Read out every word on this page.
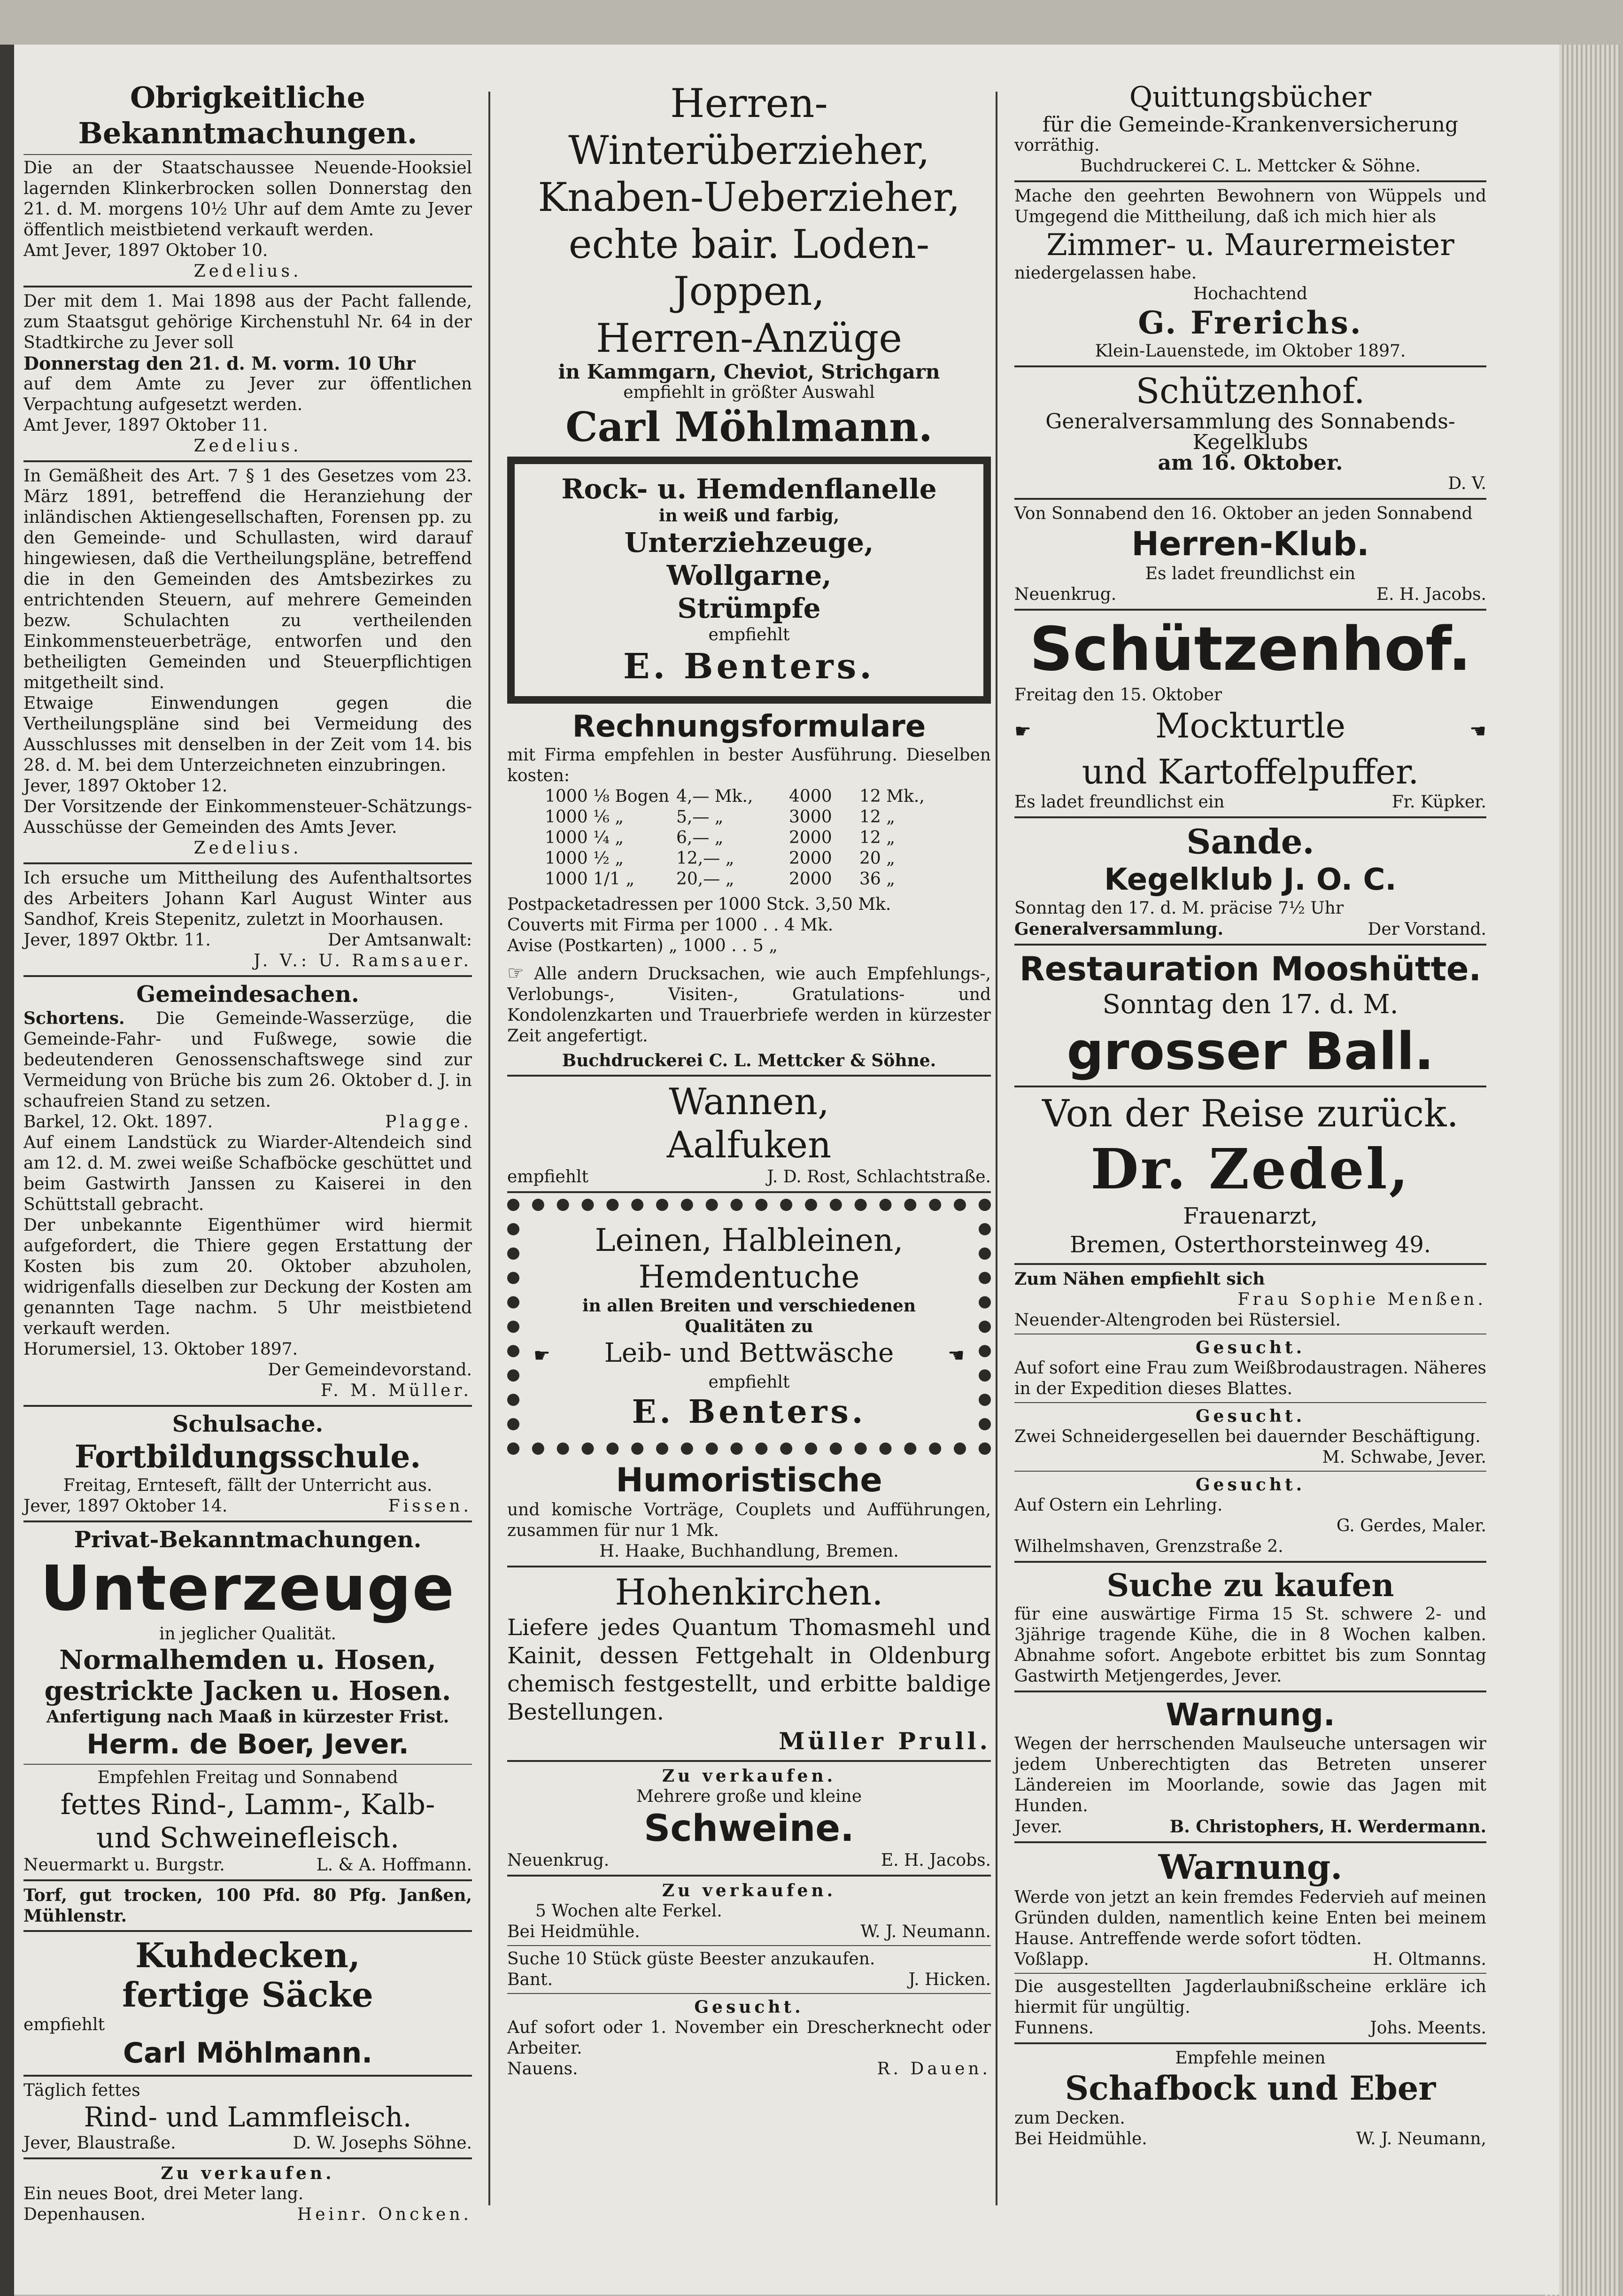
Obrigkeitliche Bekanntmachungen.

Die an der Staatschaussee Neuende-Hooksiel lagernden Klinkerbrocken sollen Donnerstag den 21. d. M. morgens 10½ Uhr auf dem Amte zu Jever öffentlich meistbietend verkauft werden.

Amt Jever, 1897 Oktober 10.

Zedelius.

Der mit dem 1. Mai 1898 aus der Pacht fallende, zum Staatsgut gehörige Kirchenstuhl Nr. 64 in der Stadtkirche zu Jever soll

Donnerstag den 21. d. M. vorm. 10 Uhr

auf dem Amte zu Jever zur öffentlichen Verpachtung aufgesetzt werden.

Amt Jever, 1897 Oktober 11.

Zedelius.

In Gemäßheit des Art. 7 § 1 des Gesetzes vom 23. März 1891, betreffend die Heranziehung der inländischen Aktiengesellschaften, Forensen pp. zu den Gemeinde- und Schullasten, wird darauf hingewiesen, daß die Vertheilungspläne, betreffend die in den Gemeinden des Amtsbezirkes zu entrichtenden Steuern, auf mehrere Gemeinden bezw. Schulachten zu vertheilenden Einkommensteuerbeträge, entworfen und den betheiligten Gemeinden und Steuerpflichtigen mitgetheilt sind.

Etwaige Einwendungen gegen die Vertheilungspläne sind bei Vermeidung des Ausschlusses mit denselben in der Zeit vom 14. bis 28. d. M. bei dem Unterzeichneten einzubringen.

Jever, 1897 Oktober 12.

Der Vorsitzende der Einkommensteuer-Schätzungs-Ausschüsse der Gemeinden des Amts Jever.

Zedelius.

Ich ersuche um Mittheilung des Aufenthaltsortes des Arbeiters Johann Karl August Winter aus Sandhof, Kreis Stepenitz, zuletzt in Moorhausen.

Jever, 1897 Oktbr. 11.	Der Amtsanwalt:

J. V.: U. Ramsauer.

Gemeindesachen.

Schortens. Die Gemeinde-Wasserzüge, die Gemeinde-Fahr- und Fußwege, sowie die bedeutenderen Genossenschaftswege sind zur Vermeidung von Brüche bis zum 26. Oktober d. J. in schaufreien Stand zu setzen.

Barkel, 12. Okt. 1897.	Plagge.

Auf einem Landstück zu Wiarder-Altendeich sind am 12. d. M. zwei weiße Schafböcke geschüttet und beim Gastwirth Janssen zu Kaiserei in den Schüttstall gebracht.

Der unbekannte Eigenthümer wird hiermit aufgefordert, die Thiere gegen Erstattung der Kosten bis zum 20. Oktober abzuholen, widrigenfalls dieselben zur Deckung der Kosten am genannten Tage nachm. 5 Uhr meistbietend verkauft werden.

Horumersiel, 13. Oktober 1897.

Der Gemeindevorstand.

F. M. Müller.

Schulsache.
Fortbildungsschule.

Freitag, Ernteseft, fällt der Unterricht aus.

Jever, 1897 Oktober 14.	Fissen.
Privat-Bekanntmachungen.
Unterzeuge

in jeglicher Qualität.

Normalhemden u. Hosen,
gestrickte Jacken u. Hosen.

Anfertigung nach Maaß in kürzester Frist.

Herm. de Boer, Jever.

Empfehlen Freitag und Sonnabend

fettes Rind-, Lamm-, Kalb-
und Schweinefleisch.
Neuermarkt u. Burgstr.	L. & A. Hoffmann.

Torf, gut trocken, 100 Pfd. 80 Pfg. Janßen, Mühlenstr.

Kuhdecken,
fertige Säcke

empfiehlt

Carl Möhlmann.

Täglich fettes

Rind- und Lammfleisch.
Jever, Blaustraße.	D. W. Josephs Söhne.

Zu verkaufen.

Ein neues Boot, drei Meter lang.

Depenhausen.	Heinr. Oncken.
Herren-Winterüberzieher,
Knaben-Ueberzieher,
echte bair. Loden-Joppen,
Herren-Anzüge

in Kammgarn, Cheviot, Strichgarn

empfiehlt in größter Auswahl

Carl Möhlmann.
Rock- u. Hemdenflanelle

in weiß und farbig,

Unterziehzeuge,
Wollgarne,
Strümpfe

empfiehlt

E. Benters.
Rechnungsformulare

mit Firma empfehlen in bester Ausführung. Dieselben kosten:

1000 ⅛ Bogen 4,— Mk.,	4000	12 Mk.,
1000 ⅙ „	5,— „	3000	12 „
1000 ¼ „	6,— „	2000	12 „
1000 ½ „	12,— „	2000	20 „
1000 1/1 „	20,— „	2000	36 „

Postpacketadressen per 1000 Stck. 3,50 Mk.

Couverts mit Firma per 1000 . . 4 Mk.

Avise (Postkarten) „ 1000 . . 5 „

☞ Alle andern Drucksachen, wie auch Empfehlungs-, Verlobungs-, Visiten-, Gratulations- und Kondolenzkarten und Trauerbriefe werden in kürzester Zeit angefertigt.

Buchdruckerei C. L. Mettcker & Söhne.

Wannen,
Aalfuken
empfiehlt	J. D. Rost, Schlachtstraße.
Leinen, Halbleinen,
Hemdentuche

in allen Breiten und verschiedenen Qualitäten zu

☛ Leib- und Bettwäsche	☚

empfiehlt

E. Benters.
Humoristische

und komische Vorträge, Couplets und Aufführungen, zusammen für nur 1 Mk.

H. Haake, Buchhandlung, Bremen.

Hohenkirchen.

Liefere jedes Quantum Thomasmehl und Kainit, dessen Fettgehalt in Oldenburg chemisch festgestellt, und erbitte baldige Bestellungen.

Müller Prull.

Zu verkaufen.

Mehrere große und kleine

Schweine.
Neuenkrug.	E. H. Jacobs.

Zu verkaufen.

5 Wochen alte Ferkel.

Bei Heidmühle.	W. J. Neumann.

Suche 10 Stück güste Beester anzukaufen.

Bant.	J. Hicken.

Gesucht.

Auf sofort oder 1. November ein Drescherknecht oder Arbeiter.

Nauens.	R. Dauen.
Quittungsbücher

für die Gemeinde-Krankenversicherung

vorräthig.

Buchdruckerei C. L. Mettcker & Söhne.

Mache den geehrten Bewohnern von Wüppels und Umgegend die Mittheilung, daß ich mich hier als

Zimmer- u. Maurermeister

niedergelassen habe.

Hochachtend

G. Frerichs.

Klein-Lauenstede, im Oktober 1897.

Schützenhof.

Generalversammlung des Sonnabends-Kegelklubs

am 16. Oktober.

D. V.

Von Sonnabend den 16. Oktober an jeden Sonnabend

Herren-Klub.

Es ladet freundlichst ein

Neuenkrug.	E. H. Jacobs.
Schützenhof.

Freitag den 15. Oktober

☛	Mockturtle	☚
und Kartoffelpuffer.
Es ladet freundlichst ein	Fr. Küpker.
Sande.
Kegelklub J. O. C.

Sonntag den 17. d. M. präcise 7½ Uhr

Generalversammlung.	Der Vorstand.
Restauration Mooshütte.
Sonntag den 17. d. M.
grosser Ball.
Von der Reise zurück.
Dr. Zedel,
Frauenarzt,
Bremen, Osterthorsteinweg 49.

Zum Nähen empfiehlt sich

Frau Sophie Menßen.

Neuender-Altengroden bei Rüstersiel.

Gesucht.

Auf sofort eine Frau zum Weißbrodaustragen. Näheres in der Expedition dieses Blattes.

Gesucht.

Zwei Schneidergesellen bei dauernder Beschäftigung.

M. Schwabe, Jever.

Gesucht.

Auf Ostern ein Lehrling.

G. Gerdes, Maler.

Wilhelmshaven, Grenzstraße 2.

Suche zu kaufen

für eine auswärtige Firma 15 St. schwere 2- und 3jährige tragende Kühe, die in 8 Wochen kalben. Abnahme sofort. Angebote erbittet bis zum Sonntag Gastwirth Metjengerdes, Jever.

Warnung.

Wegen der herrschenden Maulseuche untersagen wir jedem Unberechtigten das Betreten unserer Ländereien im Moorlande, sowie das Jagen mit Hunden.

Jever.	B. Christophers, H. Werdermann.
Warnung.

Werde von jetzt an kein fremdes Federvieh auf meinen Gründen dulden, namentlich keine Enten bei meinem Hause. Antreffende werde sofort tödten.

Voßlapp.	H. Oltmanns.

Die ausgestellten Jagderlaubnißscheine erkläre ich hiermit für ungültig.

Funnens.	Johs. Meents.

Empfehle meinen

Schafbock und Eber

zum Decken.

Bei Heidmühle.	W. J. Neumann,
